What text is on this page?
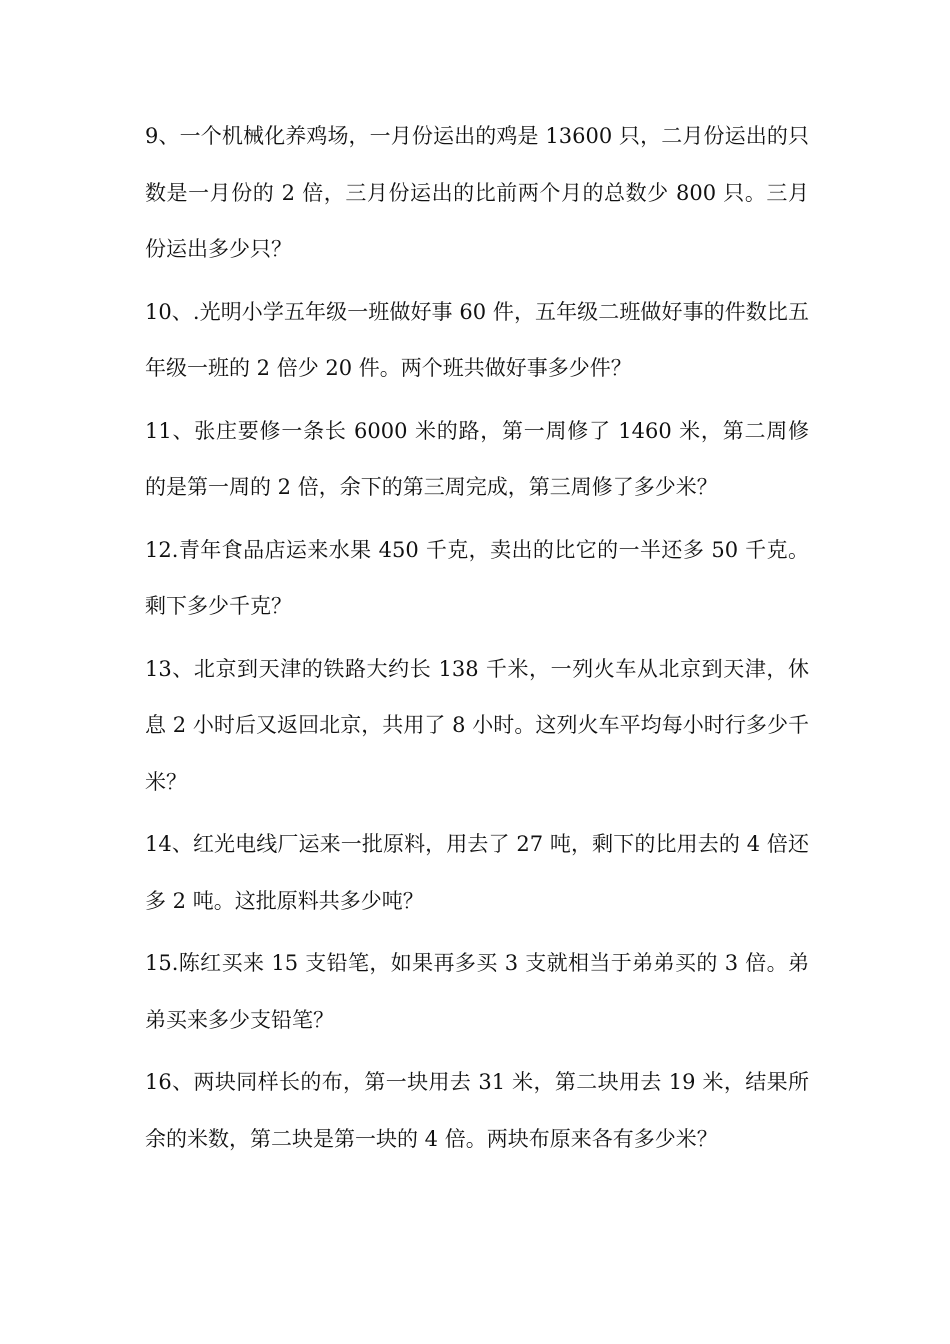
9、一个机械化养鸡场，一月份运出的鸡是 13600 只，二月份运出的只数是一月份的 2 倍，三月份运出的比前两个月的总数少 800 只。三月份运出多少只？

10、.光明小学五年级一班做好事 60 件，五年级二班做好事的件数比五年级一班的 2 倍少 20 件。两个班共做好事多少件？

11、张庄要修一条长 6000 米的路，第一周修了 1460 米，第二周修的是第一周的 2 倍，余下的第三周完成，第三周修了多少米？

12.青年食品店运来水果 450 千克，卖出的比它的一半还多 50 千克。剩下多少千克？

13、北京到天津的铁路大约长 138 千米，一列火车从北京到天津，休息 2 小时后又返回北京，共用了 8 小时。这列火车平均每小时行多少千米？

14、红光电线厂运来一批原料，用去了 27 吨，剩下的比用去的 4 倍还多 2 吨。这批原料共多少吨？

15.陈红买来 15 支铅笔，如果再多买 3 支就相当于弟弟买的 3 倍。弟弟买来多少支铅笔？

16、两块同样长的布，第一块用去 31 米，第二块用去 19 米，结果所余的米数，第二块是第一块的 4 倍。两块布原来各有多少米？
